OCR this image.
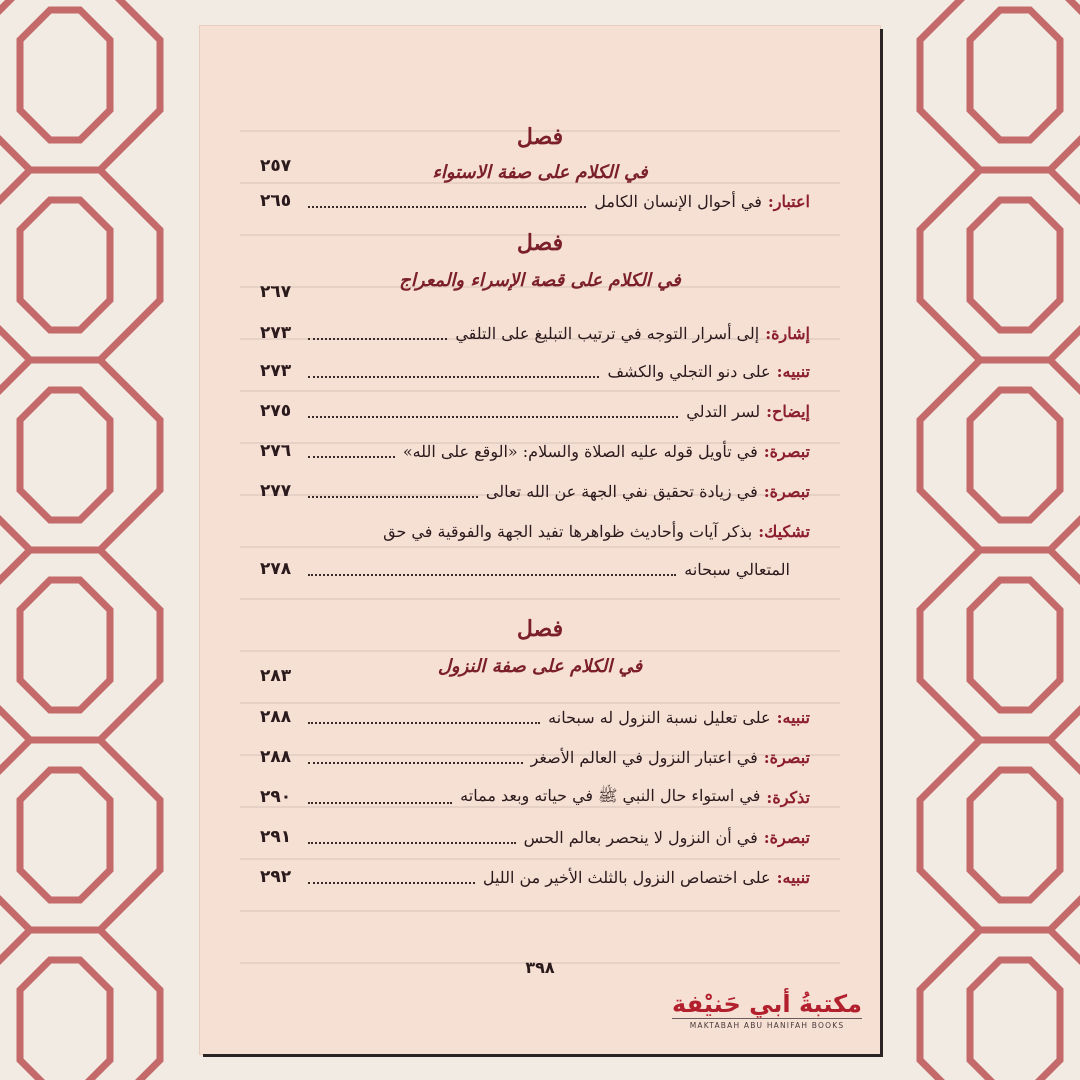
فصل
في الكلام على صفة الاستواء
٢٥٧
اعتبار
:
في أحوال الإنسان الكامل
٢٦٥
فصل
في الكلام على قصة الإسراء والمعراج
٢٦٧
إشارة
:
إلى أسرار التوجه في ترتيب التبليغ على التلقي
٢٧٣
تنبيه
:
على دنو التجلي والكشف
٢٧٣
إيضاح
:
لسر التدلي
٢٧٥
تبصرة
:
في تأويل قوله عليه الصلاة والسلام: «الوقع على الله»
٢٧٦
تبصرة
:
في زيادة تحقيق نفي الجهة عن الله تعالى
٢٧٧
تشكيك
:
بذكر آيات وأحاديث ظواهرها تفيد الجهة والفوقية في حق
المتعالي سبحانه
٢٧٨
فصل
في الكلام على صفة النزول
٢٨٣
تنبيه
:
على تعليل نسبة النزول له سبحانه
٢٨٨
تبصرة
:
في اعتبار النزول في العالم الأصغر
٢٨٨
تذكرة
:
في استواء حال النبي ﷺ في حياته وبعد مماته
٢٩٠
تبصرة
:
في أن النزول لا ينحصر بعالم الحس
٢٩١
تنبيه
:
على اختصاص النزول بالثلث الأخير من الليل
٢٩٢
٣٩٨
مكتبةُ أبي حَنيْفة
MAKTABAH ABU HANIFAH BOOKS
